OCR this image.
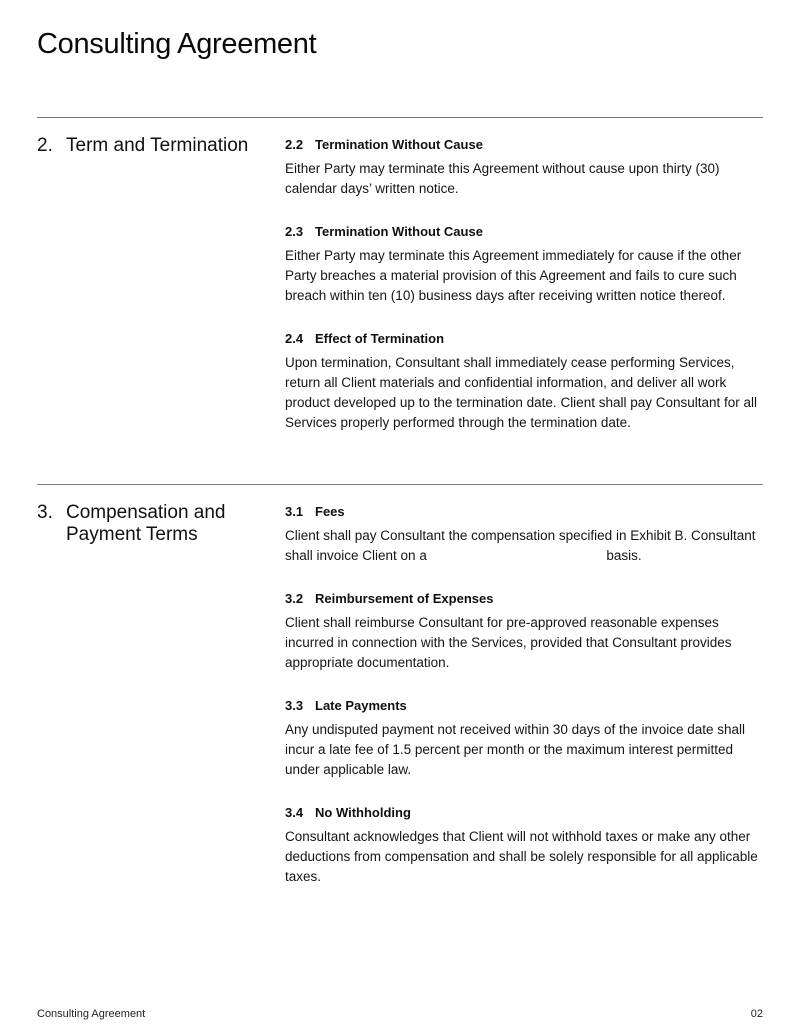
Consulting Agreement
2. Term and Termination	2.2 Termination Without Cause

Either Party may terminate this Agreement without cause upon thirty (30) calendar days’ written notice.

2.3 Termination Without Cause

Either Party may terminate this Agreement immediately for cause if the other Party breaches a material provision of this Agreement and fails to cure such breach within ten (10) business days after receiving written notice thereof.

2.4 Effect of Termination

Upon termination, Consultant shall immediately cease performing Services, return all Client materials and confidential information, and deliver all work product developed up to the termination date. Client shall pay Consultant for all Services properly performed through the termination date.

3. Compensation and Payment Terms
3.1 Fees

Client shall pay Consultant the compensation specified in Exhibit B. Consultant shall invoice Client on a	basis.

3.2 Reimbursement of Expenses

Client shall reimburse Consultant for pre-approved reasonable expenses incurred in connection with the Services, provided that Consultant provides appropriate documentation.

3.3 Late Payments

Any undisputed payment not received within 30 days of the invoice date shall incur a late fee of 1.5 percent per month or the maximum interest permitted under applicable law.

3.4 No Withholding

Consultant acknowledges that Client will not withhold taxes or make any other deductions from compensation and shall be solely responsible for all applicable taxes.

Consulting Agreement	02
